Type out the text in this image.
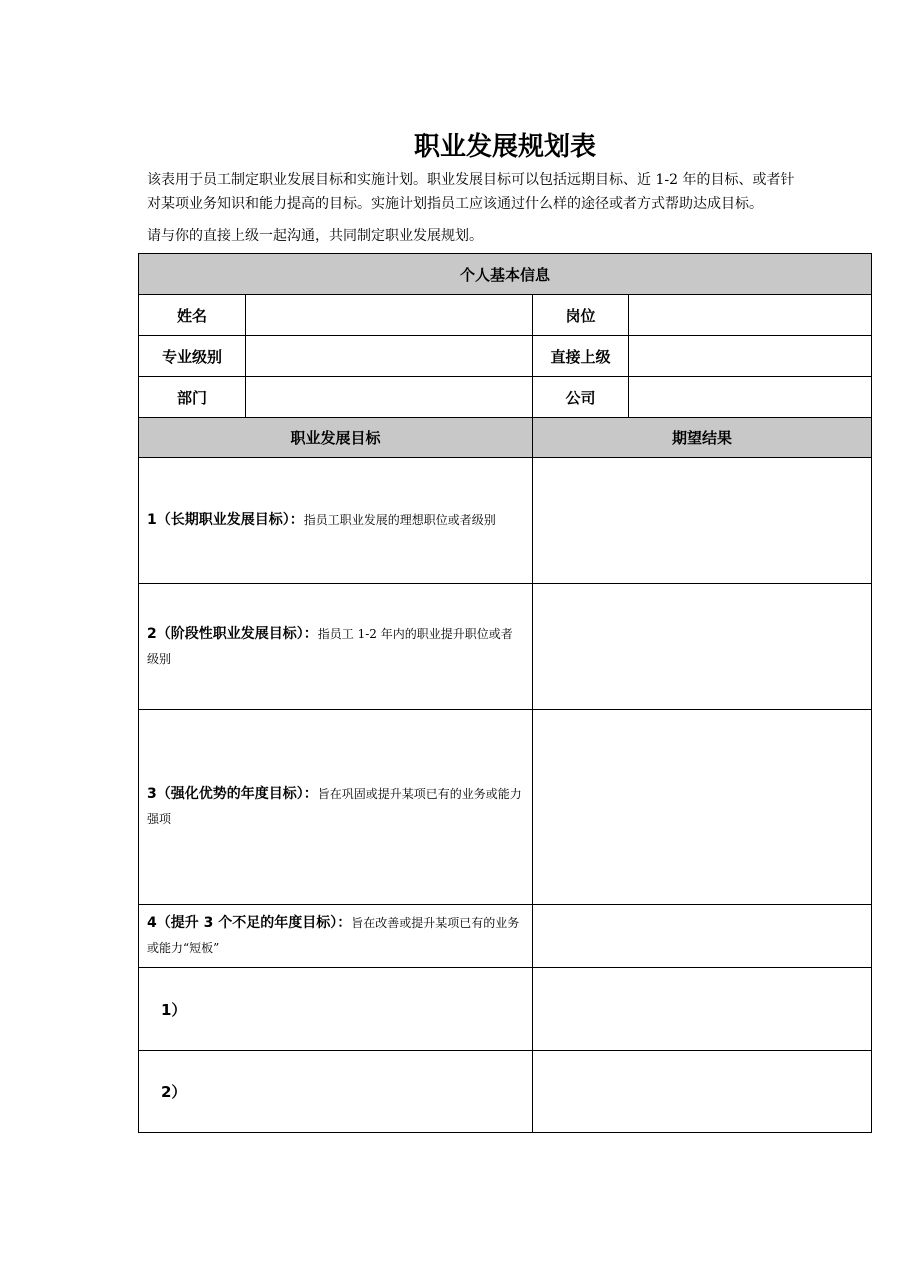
职业发展规划表

该表用于员工制定职业发展目标和实施计划。职业发展目标可以包括远期目标、近 1-2 年的目标、或者针

对某项业务知识和能力提高的目标。实施计划指员工应该通过什么样的途径或者方式帮助达成目标。

请与你的直接上级一起沟通，共同制定职业发展规划。

个人基本信息			
姓名		岗位	
专业级别		直接上级	
部门		公司	
职业发展目标		期望结果	
1（长期职业发展目标）：指员工职业发展的理想职位或者级别			
2（阶段性职业发展目标）：指员工 1-2 年内的职业提升职位或者级别			
3（强化优势的年度目标）：旨在巩固或提升某项已有的业务或能力强项			
4（提升 3 个不足的年度目标）：旨在改善或提升某项已有的业务或能力“短板”			
1）			
2）			
